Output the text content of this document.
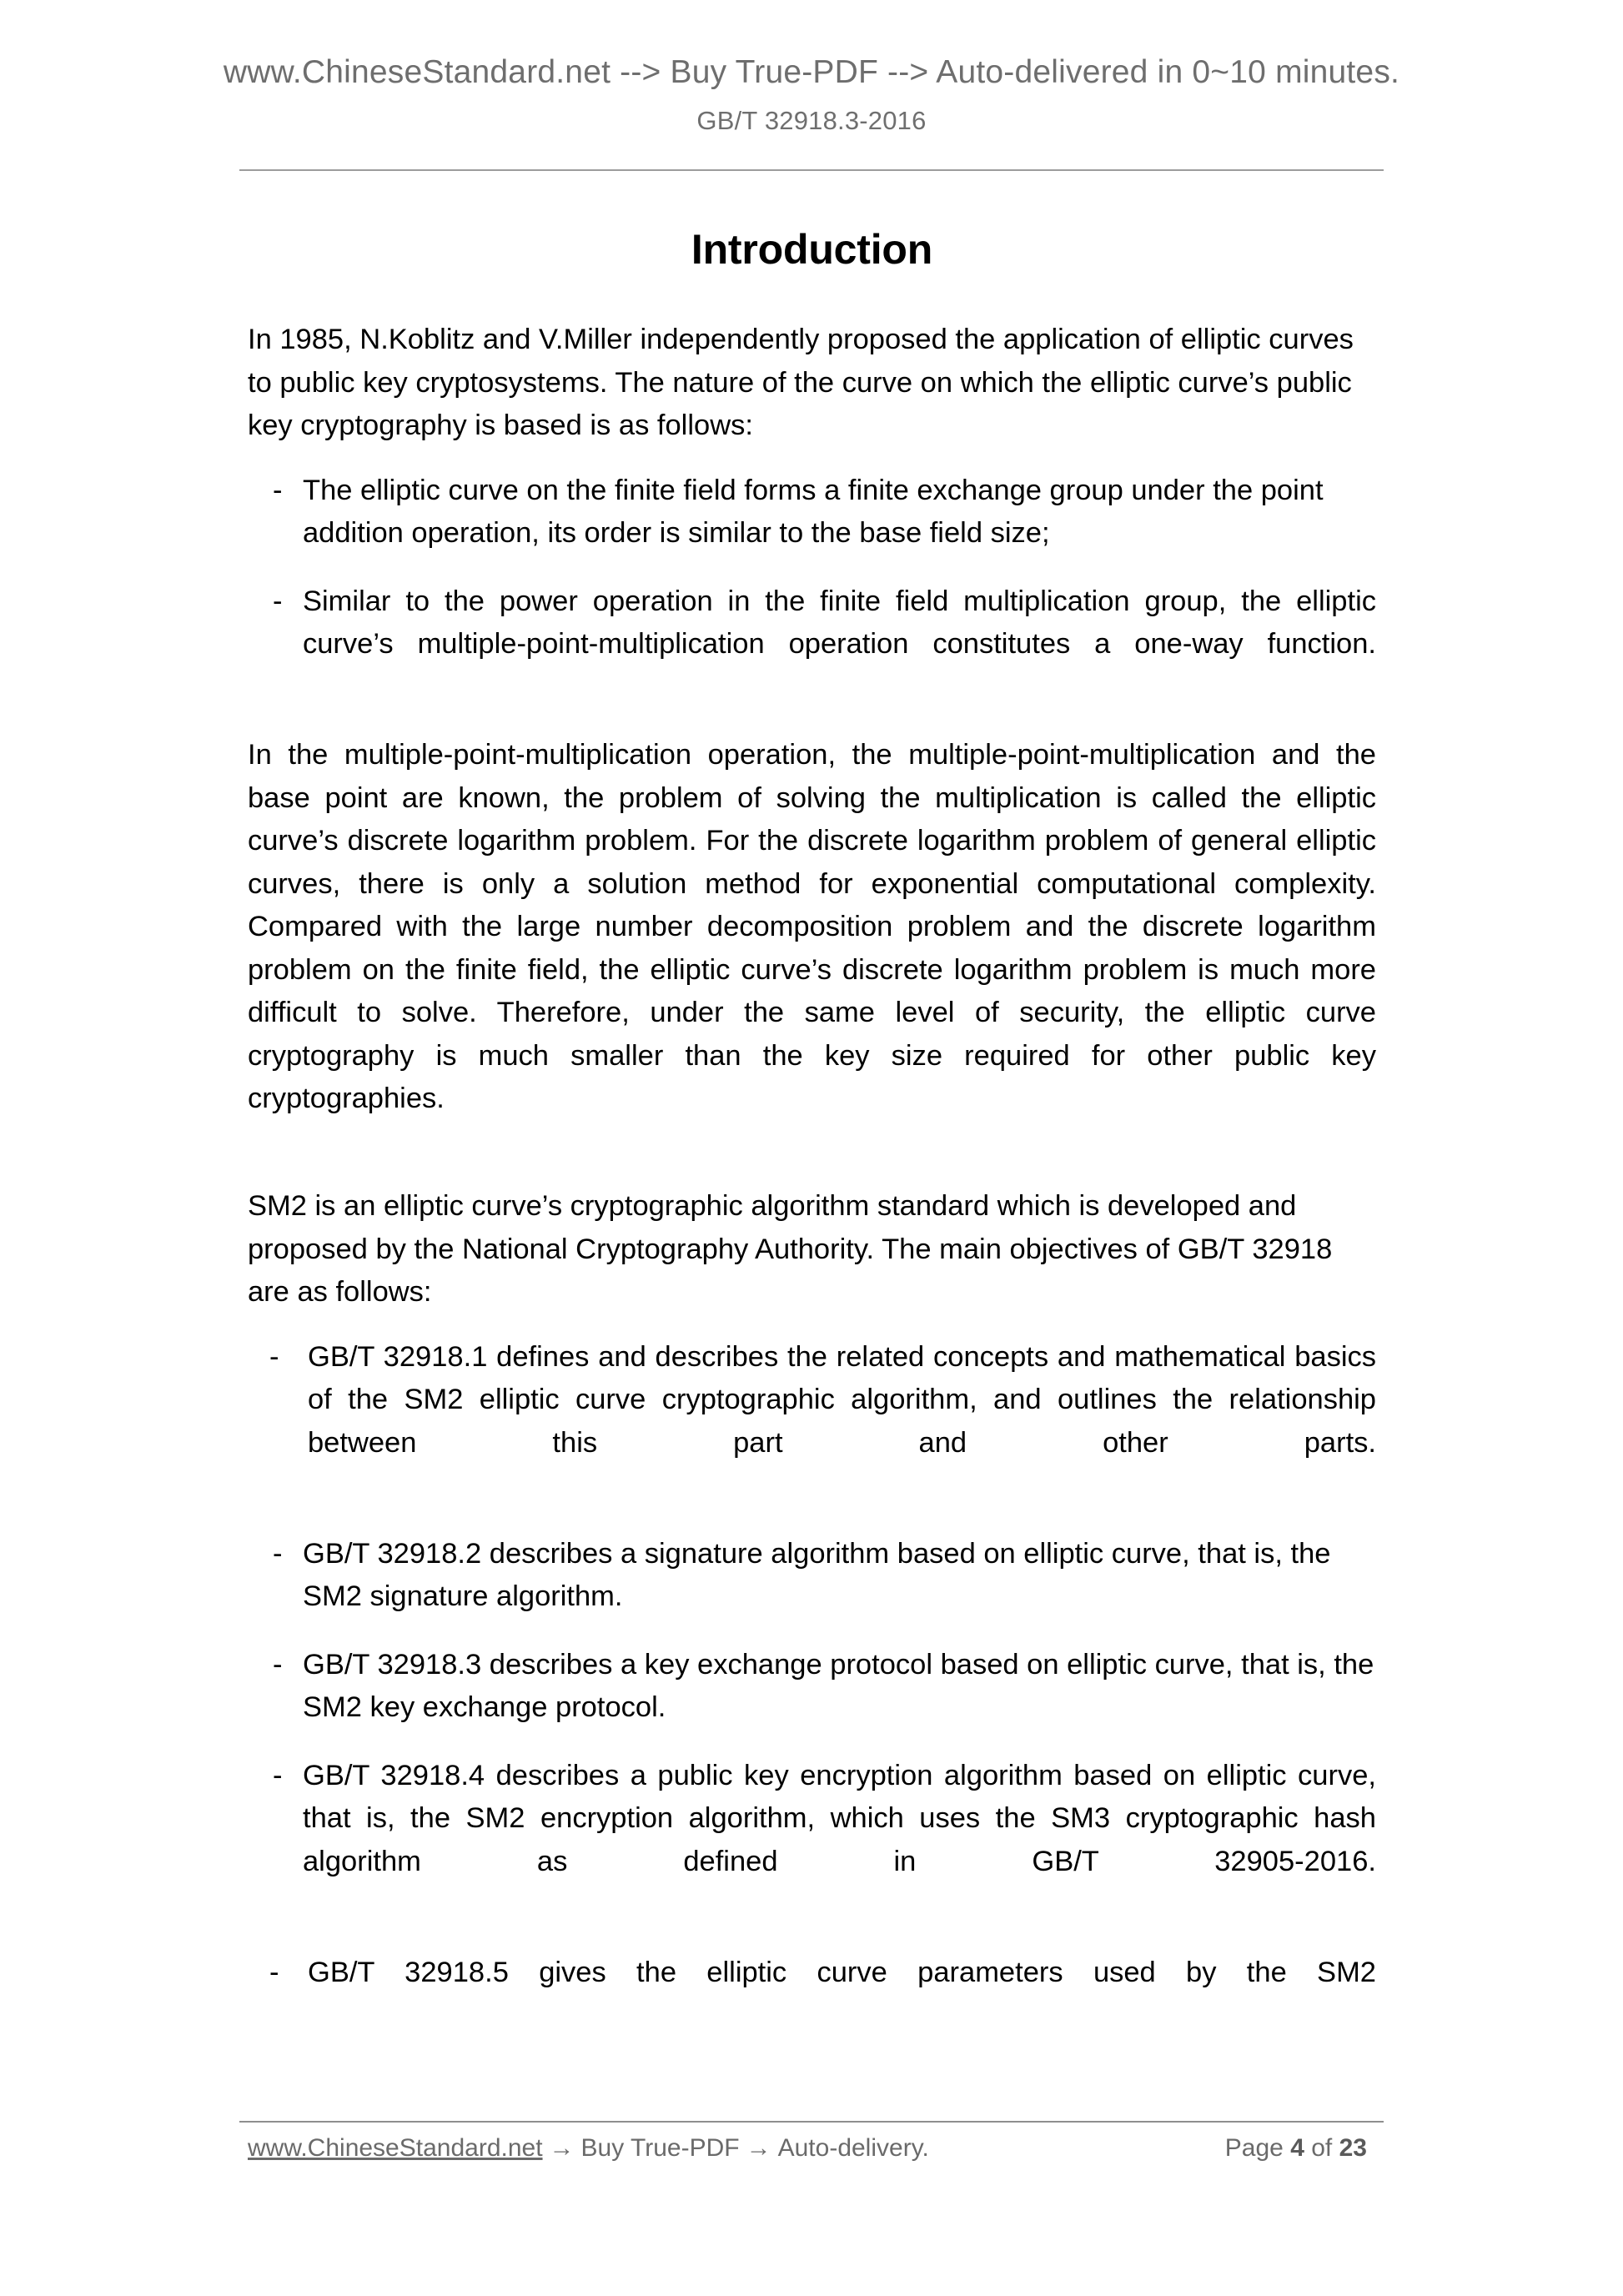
www.ChineseStandard.net --> Buy True-PDF --> Auto-delivered in 0~10 minutes.
GB/T 32918.3-2016
Introduction

In 1985, N.Koblitz and V.Miller independently proposed the application of elliptic curves to public key cryptosystems. The nature of the curve on which the elliptic curve’s public key cryptography is based is as follows:

- The elliptic curve on the finite field forms a finite exchange group under the point addition operation, its order is similar to the base field size;
- Similar to the power operation in the finite field multiplication group, the elliptic curve’s multiple-point-multiplication operation constitutes a one-way function.

In the multiple-point-multiplication operation, the multiple-point-multiplication and the base point are known, the problem of solving the multiplication is called the elliptic curve’s discrete logarithm problem. For the discrete logarithm problem of general elliptic curves, there is only a solution method for exponential computational complexity. Compared with the large number decomposition problem and the discrete logarithm problem on the finite field, the elliptic curve’s discrete logarithm problem is much more difficult to solve. Therefore, under the same level of security, the elliptic curve cryptography is much smaller than the key size required for other public key cryptographies.

SM2 is an elliptic curve’s cryptographic algorithm standard which is developed and proposed by the National Cryptography Authority. The main objectives of GB/T 32918 are as follows:

- GB/T 32918.1 defines and describes the related concepts and mathematical basics of the SM2 elliptic curve cryptographic algorithm, and outlines the relationship between this part and other parts.
- GB/T 32918.2 describes a signature algorithm based on elliptic curve, that is, the SM2 signature algorithm.
- GB/T 32918.3 describes a key exchange protocol based on elliptic curve, that is, the SM2 key exchange protocol.
- GB/T 32918.4 describes a public key encryption algorithm based on elliptic curve, that is, the SM2 encryption algorithm, which uses the SM3 cryptographic hash algorithm as defined in GB/T 32905-2016.
- GB/T 32918.5 gives the elliptic curve parameters used by the SM2
www.ChineseStandard.net → Buy True-PDF → Auto-delivery.	Page 4 of 23
